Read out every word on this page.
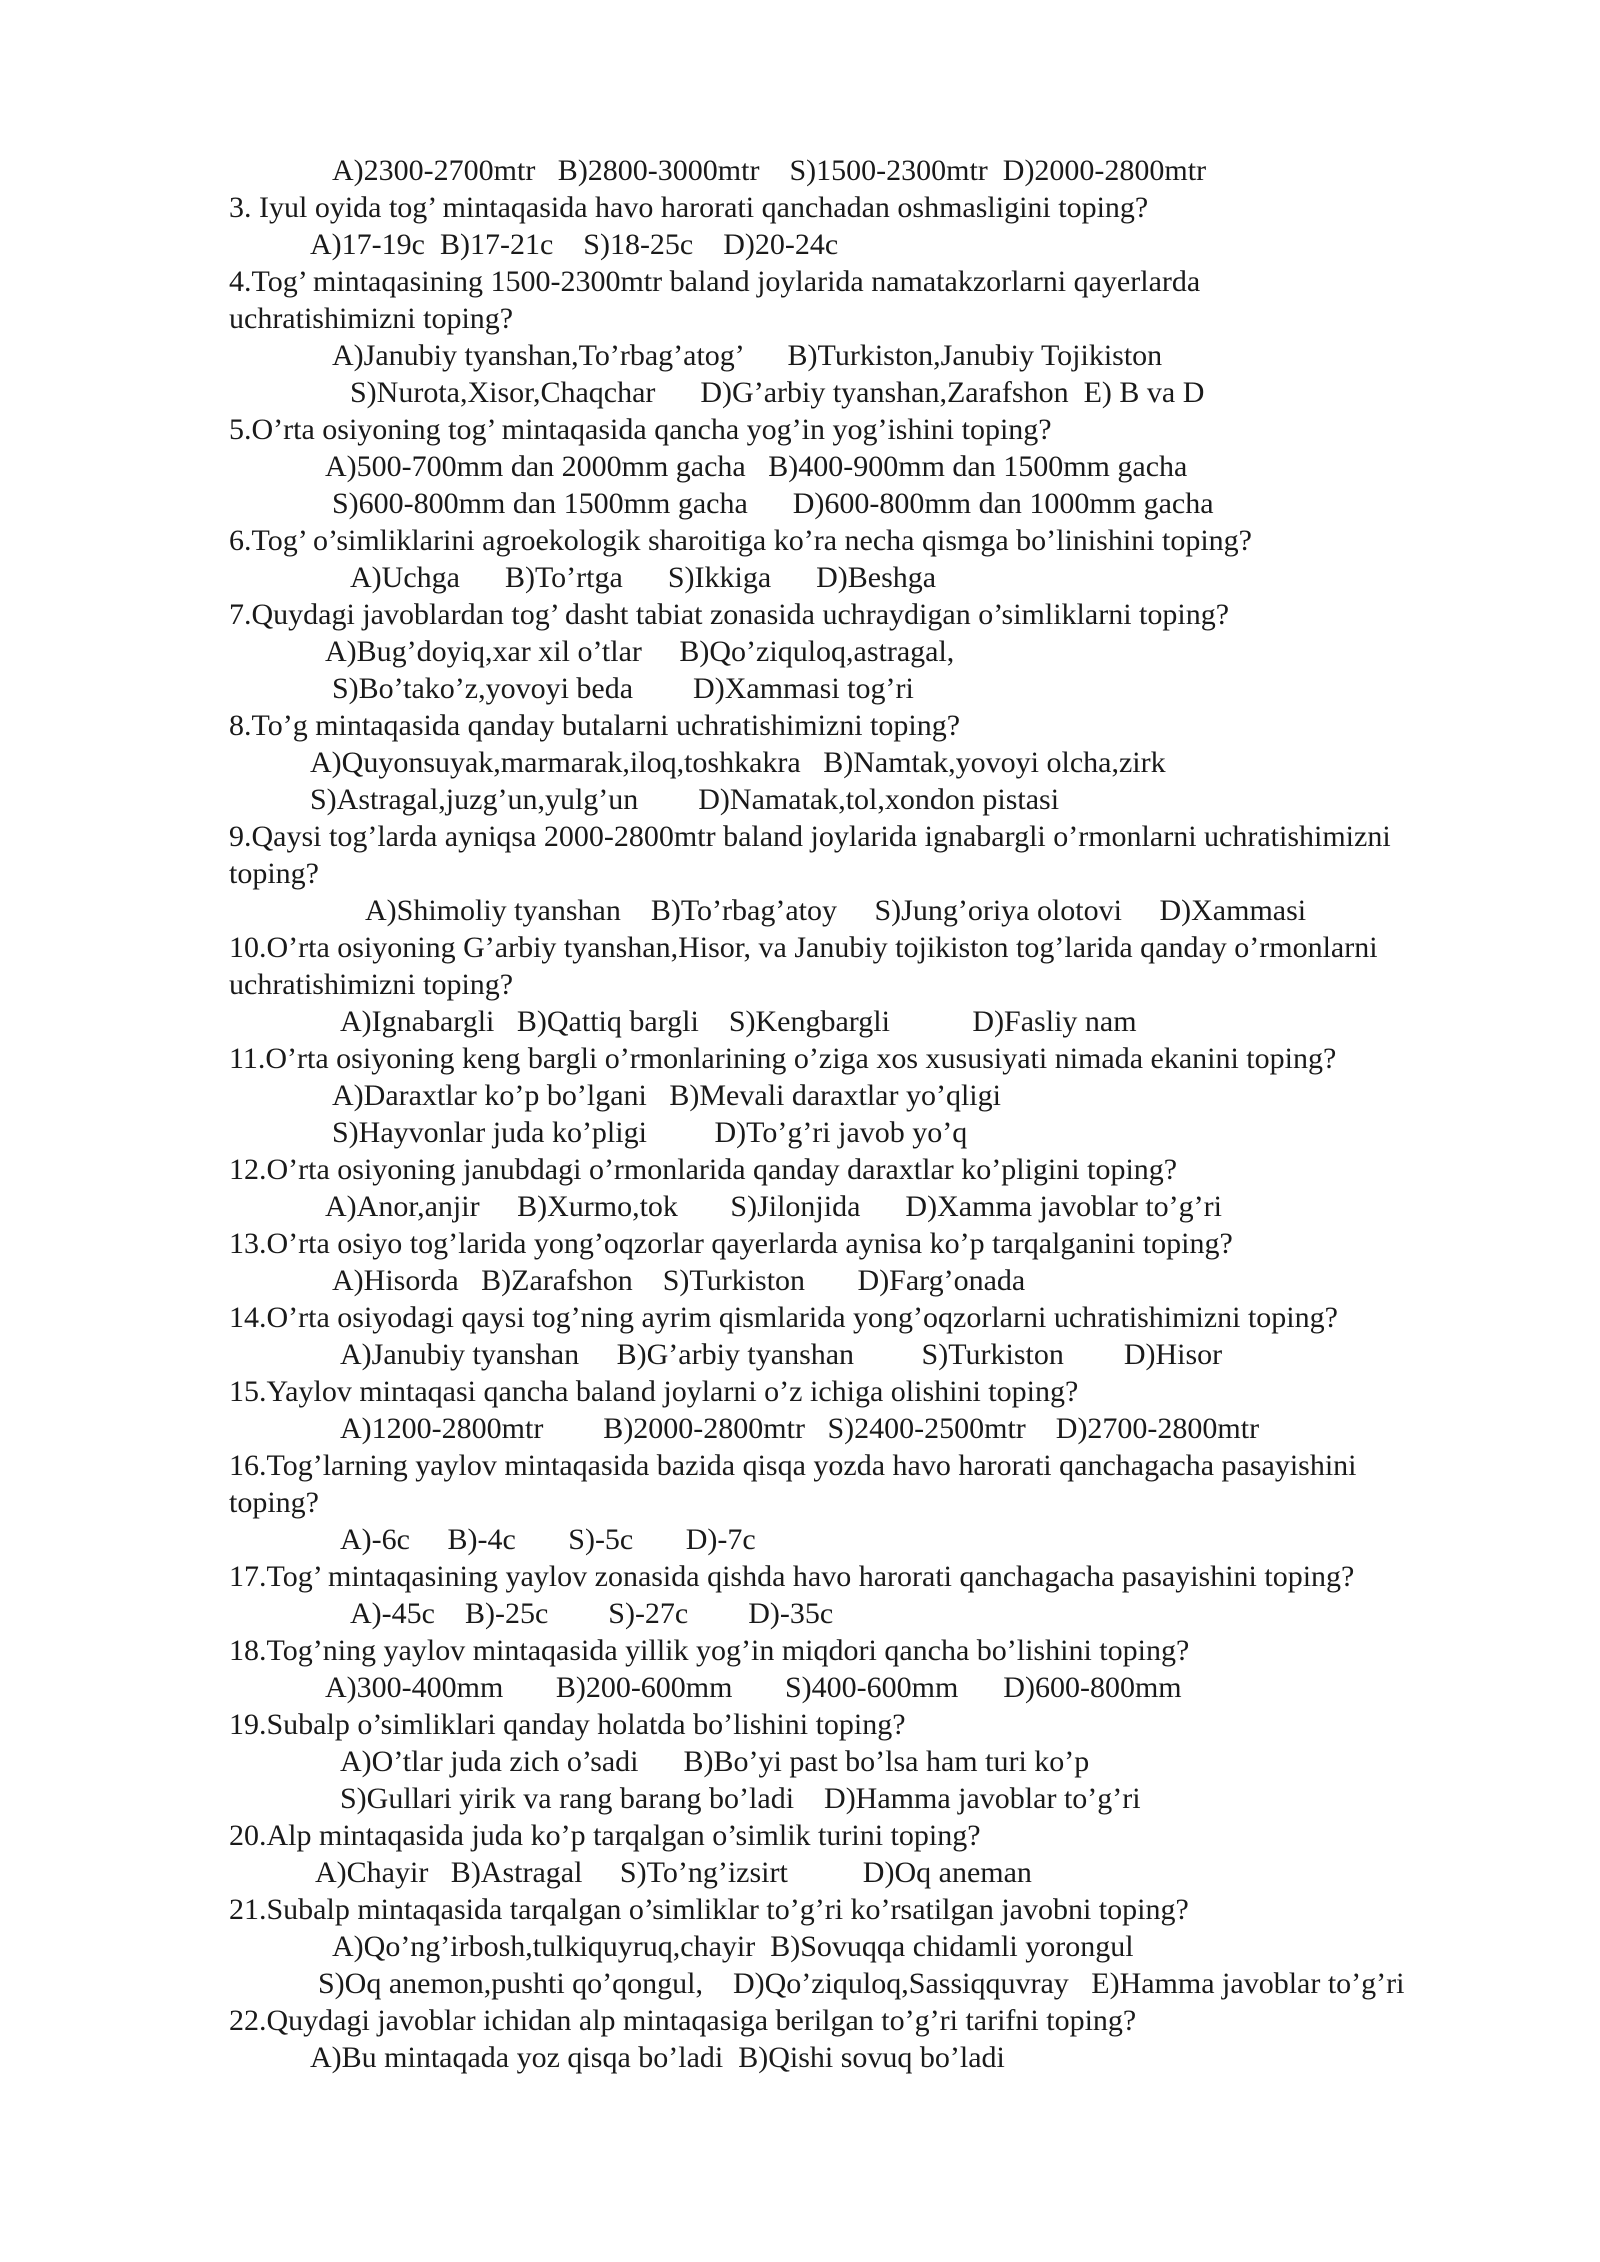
A)2300-2700mtr   B)2800-3000mtr    S)1500-2300mtr  D)2000-2800mtr
3. Iyul oyida tog’ mintaqasida havo harorati qanchadan oshmasligini toping?
A)17-19c  B)17-21c    S)18-25c    D)20-24c
4.Tog’ mintaqasining 1500-2300mtr baland joylarida namatakzorlarni qayerlarda
uchratishimizni toping?
A)Janubiy tyanshan,To’rbag’atog’      B)Turkiston,Janubiy Tojikiston
S)Nurota,Xisor,Chaqchar      D)G’arbiy tyanshan,Zarafshon  E) B va D
5.O’rta osiyoning tog’ mintaqasida qancha yog’in yog’ishini toping?
A)500-700mm dan 2000mm gacha   B)400-900mm dan 1500mm gacha
S)600-800mm dan 1500mm gacha      D)600-800mm dan 1000mm gacha
6.Tog’ o’simliklarini agroekologik sharoitiga ko’ra necha qismga bo’linishini toping?
A)Uchga      B)To’rtga      S)Ikkiga      D)Beshga
7.Quydagi javoblardan tog’ dasht tabiat zonasida uchraydigan o’simliklarni toping?
A)Bug’doyiq,xar xil o’tlar     B)Qo’ziquloq,astragal,
S)Bo’tako’z,yovoyi beda        D)Xammasi tog’ri
8.To’g mintaqasida qanday butalarni uchratishimizni toping?
A)Quyonsuyak,marmarak,iloq,toshkakra   B)Namtak,yovoyi olcha,zirk
S)Astragal,juzg’un,yulg’un        D)Namatak,tol,xondon pistasi
9.Qaysi tog’larda ayniqsa 2000-2800mtr baland joylarida ignabargli o’rmonlarni uchratishimizni
toping?
A)Shimoliy tyanshan    B)To’rbag’atoy     S)Jung’oriya olotovi     D)Xammasi
10.O’rta osiyoning G’arbiy tyanshan,Hisor, va Janubiy tojikiston tog’larida qanday o’rmonlarni
uchratishimizni toping?
A)Ignabargli   B)Qattiq bargli    S)Kengbargli           D)Fasliy nam
11.O’rta osiyoning keng bargli o’rmonlarining o’ziga xos xususiyati nimada ekanini toping?
A)Daraxtlar ko’p bo’lgani   B)Mevali daraxtlar yo’qligi
S)Hayvonlar juda ko’pligi         D)To’g’ri javob yo’q
12.O’rta osiyoning janubdagi o’rmonlarida qanday daraxtlar ko’pligini toping?
A)Anor,anjir     B)Xurmo,tok       S)Jilonjida      D)Xamma javoblar to’g’ri
13.O’rta osiyo tog’larida yong’oqzorlar qayerlarda aynisa ko’p tarqalganini toping?
A)Hisorda   B)Zarafshon    S)Turkiston       D)Farg’onada
14.O’rta osiyodagi qaysi tog’ning ayrim qismlarida yong’oqzorlarni uchratishimizni toping?
A)Janubiy tyanshan     B)G’arbiy tyanshan         S)Turkiston        D)Hisor
15.Yaylov mintaqasi qancha baland joylarni o’z ichiga olishini toping?
A)1200-2800mtr        B)2000-2800mtr   S)2400-2500mtr    D)2700-2800mtr
16.Tog’larning yaylov mintaqasida bazida qisqa yozda havo harorati qanchagacha pasayishini
toping?
A)-6c     B)-4c       S)-5c       D)-7c
17.Tog’ mintaqasining yaylov zonasida qishda havo harorati qanchagacha pasayishini toping?
A)-45c    B)-25c        S)-27c        D)-35c
18.Tog’ning yaylov mintaqasida yillik yog’in miqdori qancha bo’lishini toping?
A)300-400mm       B)200-600mm       S)400-600mm      D)600-800mm
19.Subalp o’simliklari qanday holatda bo’lishini toping?
A)O’tlar juda zich o’sadi      B)Bo’yi past bo’lsa ham turi ko’p
S)Gullari yirik va rang barang bo’ladi    D)Hamma javoblar to’g’ri
20.Alp mintaqasida juda ko’p tarqalgan o’simlik turini toping?
A)Chayir   B)Astragal     S)To’ng’izsirt          D)Oq aneman
21.Subalp mintaqasida tarqalgan o’simliklar to’g’ri ko’rsatilgan javobni toping?
A)Qo’ng’irbosh,tulkiquyruq,chayir  B)Sovuqqa chidamli yorongul
S)Oq anemon,pushti qo’qongul,    D)Qo’ziquloq,Sassiqquvray   E)Hamma javoblar to’g’ri
22.Quydagi javoblar ichidan alp mintaqasiga berilgan to’g’ri tarifni toping?
A)Bu mintaqada yoz qisqa bo’ladi  B)Qishi sovuq bo’ladi
